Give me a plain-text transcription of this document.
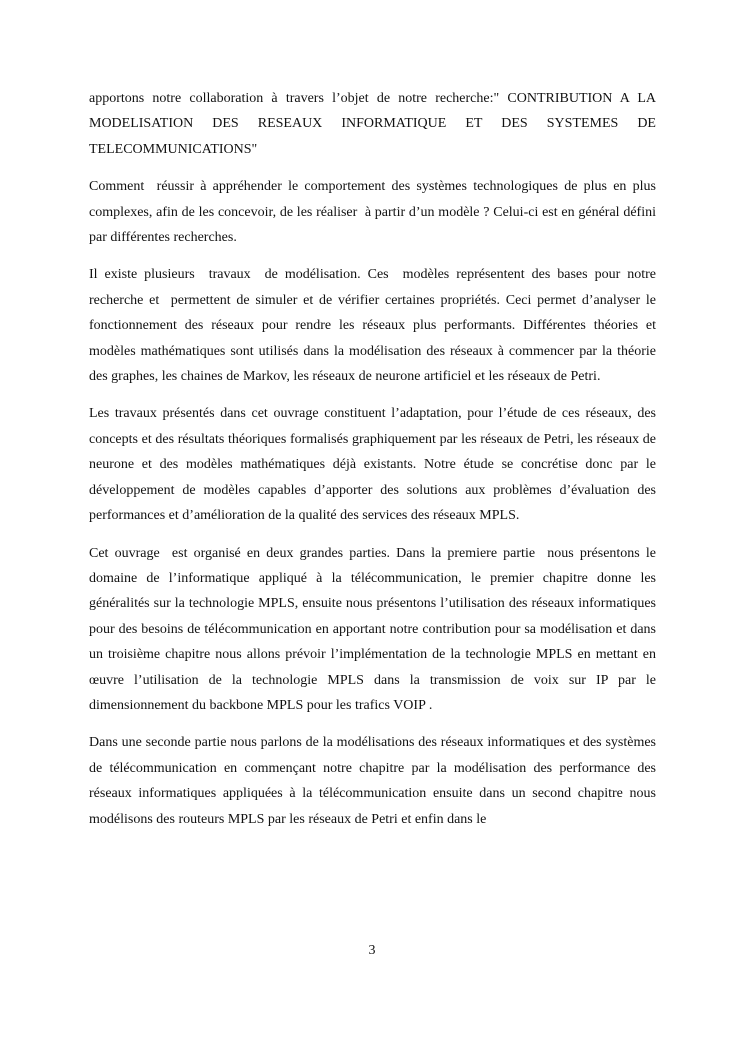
apportons notre collaboration à travers l’objet de notre recherche:" CONTRIBUTION A LA MODELISATION DES RESEAUX INFORMATIQUE ET DES SYSTEMES DE TELECOMMUNICATIONS"

Comment  réussir à appréhender le comportement des systèmes technologiques de plus en plus complexes, afin de les concevoir, de les réaliser  à partir d’un modèle ? Celui-ci est en général défini par différentes recherches.

Il existe plusieurs  travaux  de modélisation. Ces  modèles représentent des bases pour notre recherche et  permettent de simuler et de vérifier certaines propriétés. Ceci permet d’analyser le fonctionnement des réseaux pour rendre les réseaux plus performants. Différentes théories et modèles mathématiques sont utilisés dans la modélisation des réseaux à commencer par la théorie des graphes, les chaines de Markov, les réseaux de neurone artificiel et les réseaux de Petri.

Les travaux présentés dans cet ouvrage constituent l’adaptation, pour l’étude de ces réseaux, des concepts et des résultats théoriques formalisés graphiquement par les réseaux de Petri, les réseaux de neurone et des modèles mathématiques déjà existants. Notre étude se concrétise donc par le développement de modèles capables d’apporter des solutions aux problèmes d’évaluation des performances et d’amélioration de la qualité des services des réseaux MPLS.

Cet ouvrage  est organisé en deux grandes parties. Dans la premiere partie  nous présentons le domaine de l’informatique appliqué à la télécommunication, le premier chapitre donne les généralités sur la technologie MPLS, ensuite nous présentons l’utilisation des réseaux informatiques pour des besoins de télécommunication en apportant notre contribution pour sa modélisation et dans un troisième chapitre nous allons prévoir l’implémentation de la technologie MPLS en mettant en œuvre l’utilisation de la technologie MPLS dans la transmission de voix sur IP par le dimensionnement du backbone MPLS pour les trafics VOIP .

Dans une seconde partie nous parlons de la modélisations des réseaux informatiques et des systèmes de télécommunication en commençant notre chapitre par la modélisation des performance des réseaux informatiques appliquées à la télécommunication ensuite dans un second chapitre nous modélisons des routeurs MPLS par les réseaux de Petri et enfin dans le

3
